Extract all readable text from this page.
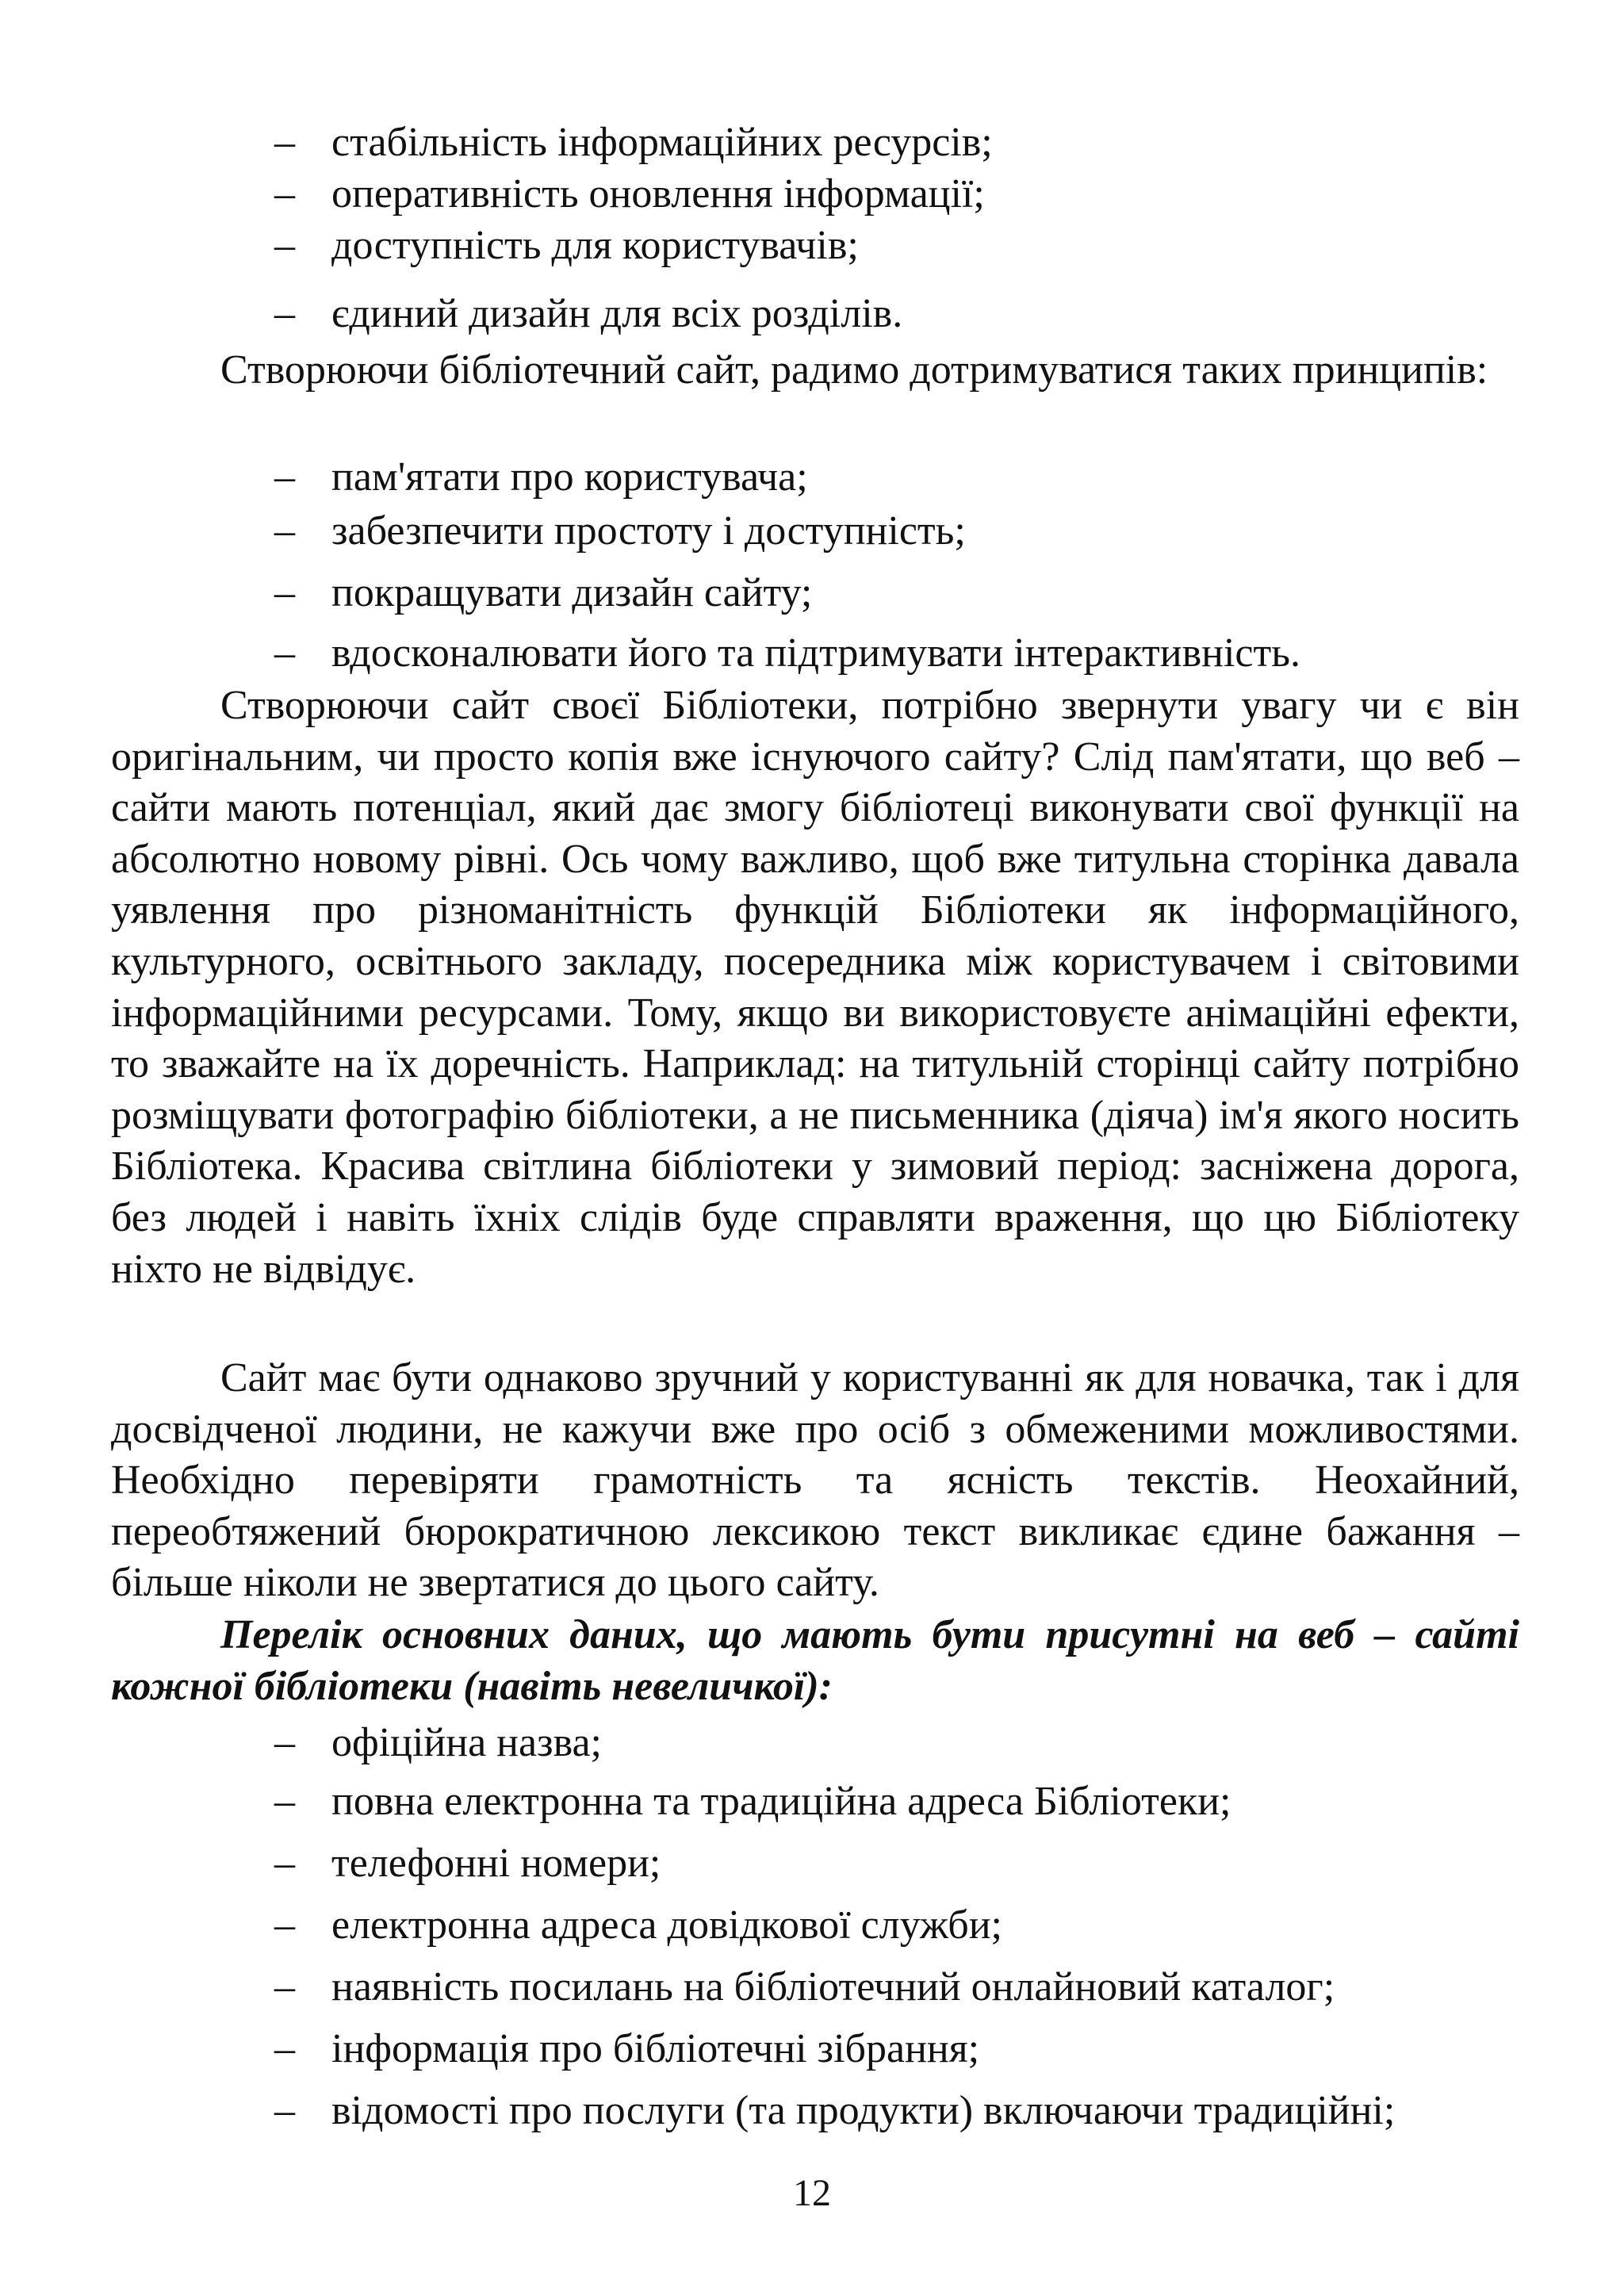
– стабільність інформаційних ресурсів;
– оперативність оновлення інформації;
– доступність для користувачів;
– єдиний дизайн для всіх розділів.

Створюючи бібліотечний сайт, радимо дотримуватися таких принципів:

– пам'ятати про користувача;
– забезпечити простоту і доступність;
– покращувати дизайн сайту;
– вдосконалювати його та підтримувати інтерактивність.

Створюючи сайт своєї Бібліотеки, потрібно звернути увагу чи є він оригінальним, чи просто копія вже існуючого сайту? Слід пам'ятати, що веб – сайти мають потенціал, який дає змогу бібліотеці виконувати свої функції на абсолютно новому рівні. Ось чому важливо, щоб вже титульна сторінка давала уявлення про різноманітність функцій Бібліотеки як інформаційного, культурного, освітнього закладу, посередника між користувачем і світовими інформаційними ресурсами. Тому, якщо ви використовуєте анімаційні ефекти, то зважайте на їх доречність. Наприклад: на титульній сторінці сайту потрібно розміщувати фотографію бібліотеки, а не письменника (діяча) ім'я якого носить Бібліотека. Красива світлина бібліотеки у зимовий період: засніжена дорога, без людей і навіть їхніх слідів буде справляти враження, що цю Бібліотеку ніхто не відвідує.

Сайт має бути однаково зручний у користуванні як для новачка, так і для досвідченої людини, не кажучи вже про осіб з обмеженими можливостями. Необхідно перевіряти грамотність та ясність текстів. Неохайний, переобтяжений бюрократичною лексикою текст викликає єдине бажання – більше ніколи не звертатися до цього сайту.

Перелік основних даних, що мають бути присутні на веб – сайті кожної бібліотеки (навіть невеличкої):

– офіційна назва;
– повна електронна та традиційна адреса Бібліотеки;
– телефонні номери;
– електронна адреса довідкової служби;
– наявність посилань на бібліотечний онлайновий каталог;
– інформація про бібліотечні зібрання;
– відомості про послуги (та продукти) включаючи традиційні;
12
